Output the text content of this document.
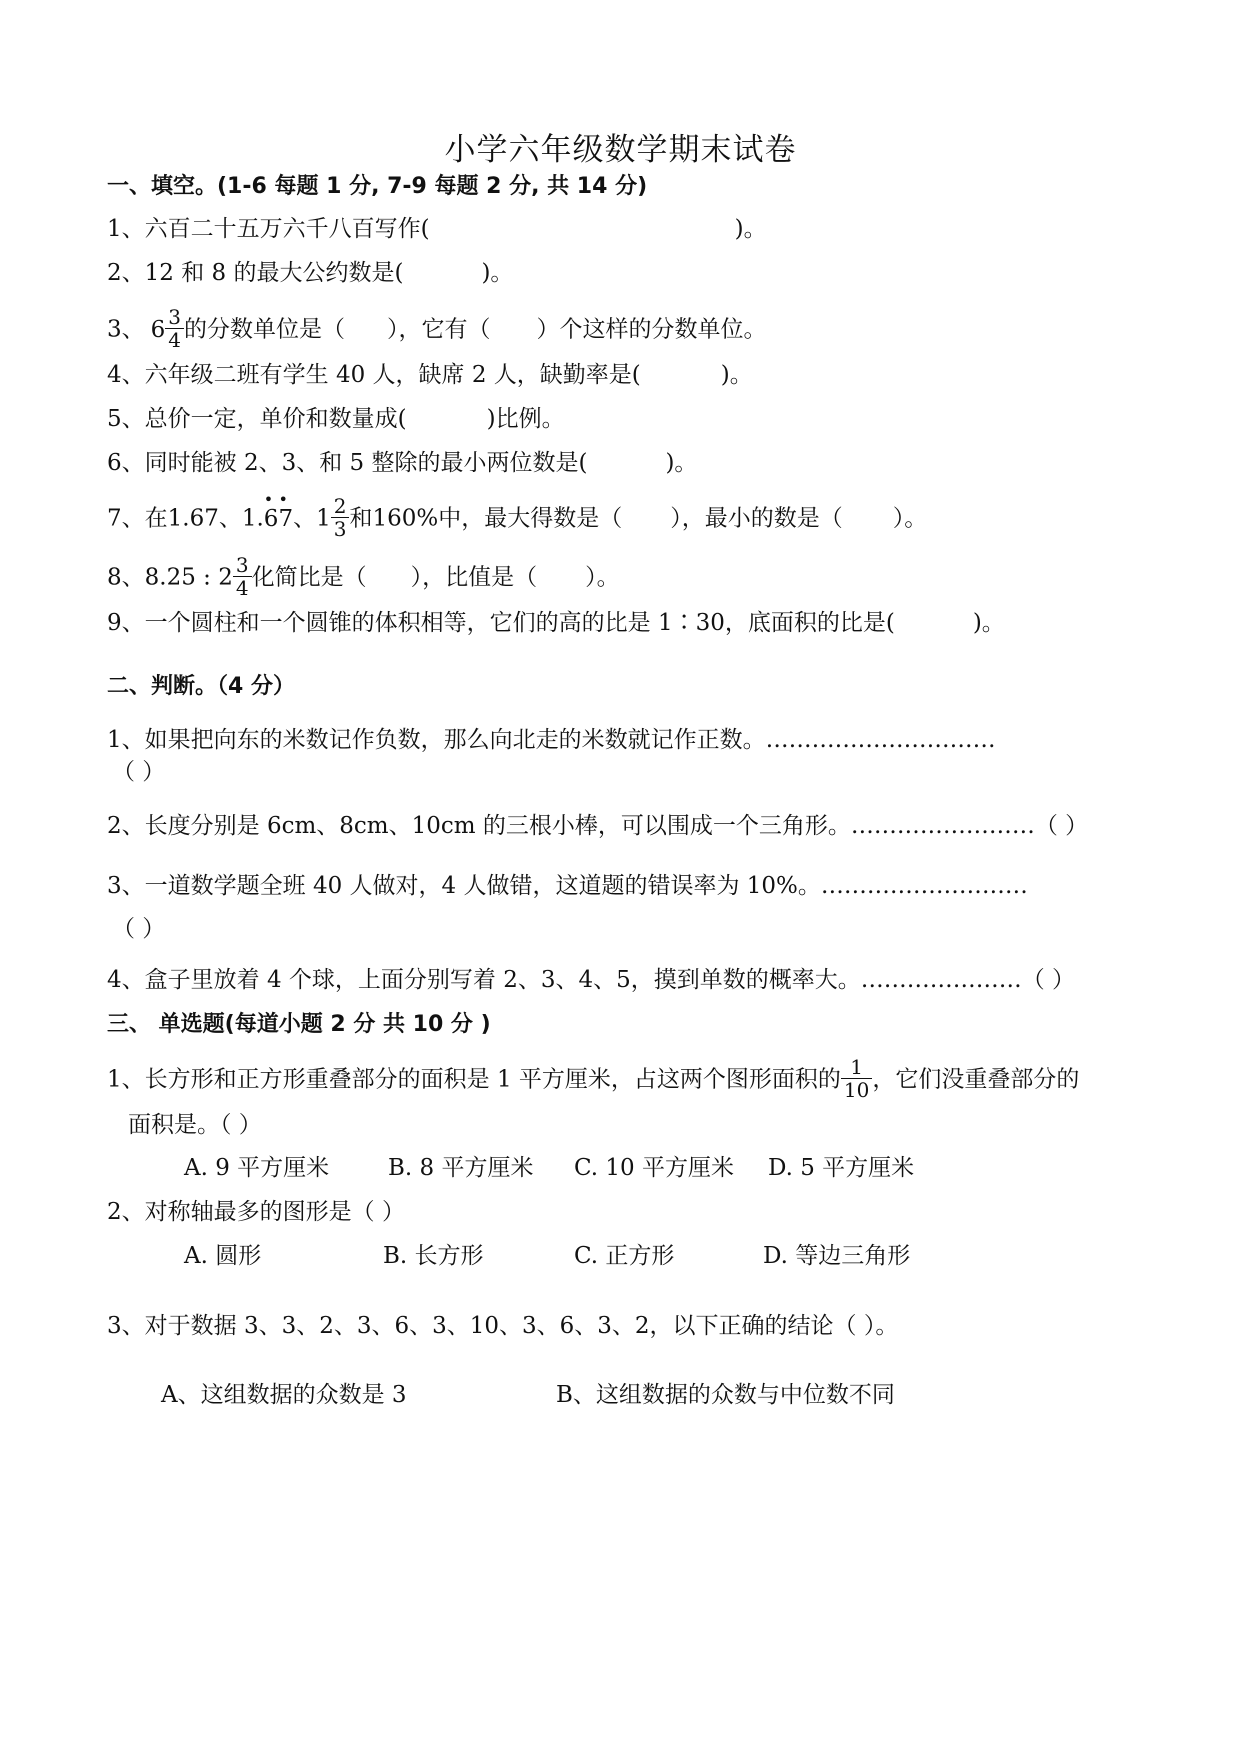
小学六年级数学期末试卷
一、填空。(1-6 每题 1 分, 7-9 每题 2 分, 共 14 分)
1、六百二十五万六千八百写作(	)。
2、12 和 8 的最大公约数是(	)。
3、 $6 \frac{3}{4}$ 的分数单位是（ ），它有（ ）个这样的分数单位。
4、六年级二班有学生 40 人，缺席 2 人，缺勤率是(	)。
5、总价一定，单价和数量成(	)比例。
6、同时能被 2、3、和 5 整除的最小两位数是(	)。
7、在1.67、1.
•
6
•
7、$1 \frac{2}{3}$ 和160%中，最大得数是（ ），最小的数是（ ）。
8、8.25 : $2 \frac{3}{4}$ 化简比是（ ），比值是（ ）。
9、一个圆柱和一个圆锥的体积相等，它们的高的比是 1∶30，底面积的比是(	)。
二、判断。（4 分）
1、如果把向东的米数记作负数，那么向北走的米数就记作正数。…………………………
（ ）
2、长度分别是 6cm、8cm、10cm 的三根小棒，可以围成一个三角形。……………………（ ）
3、一道数学题全班 40 人做对，4 人做错，这道题的错误率为 10%。………………………
（ ）
4、盒子里放着 4 个球，上面分别写着 2、3、4、5，摸到单数的概率大。…………………（ ）
三、 单选题(每道小题 2 分 共 10 分 )
1、长方形和正方形重叠部分的面积是 1 平方厘米，占这两个图形面积的 $\frac{1}{10}$ ，它们没重叠部分的
面积是。（ ）
A. 9 平方厘米	B. 8 平方厘米 C. 10 平方厘米 D. 5 平方厘米
2、对称轴最多的图形是（ ）
A. 圆形	B. 长方形	C. 正方形	D. 等边三角形
3、对于数据 3、3、2、3、6、3、10、3、6、3、2，以下正确的结论（ ）。
A、这组数据的众数是 3	B、这组数据的众数与中位数不同
